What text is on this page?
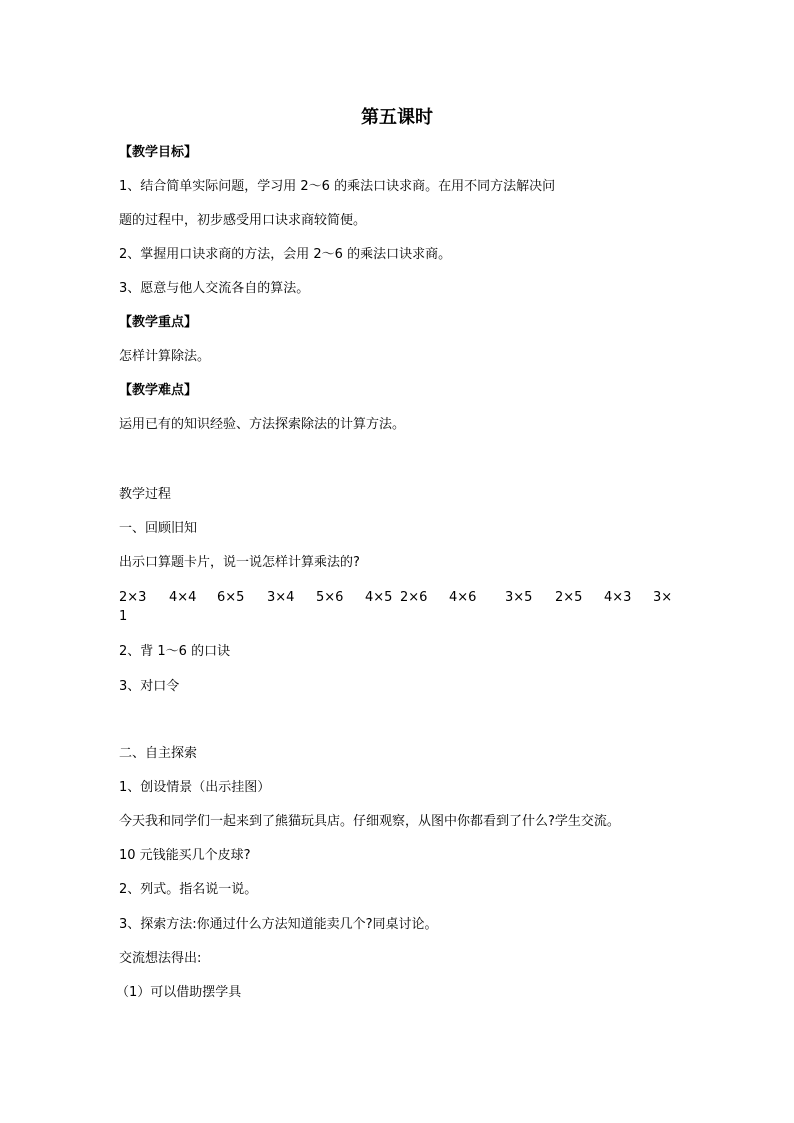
第五课时
【教学目标】
1、结合简单实际问题，学习用 2～6 的乘法口诀求商。在用不同方法解决问
题的过程中，初步感受用口诀求商较简便。
2、掌握用口诀求商的方法，会用 2～6 的乘法口诀求商。
3、愿意与他人交流各自的算法。
【教学重点】
怎样计算除法。
【教学难点】
运用已有的知识经验、方法探索除法的计算方法。
教学过程
一、回顾旧知
出示口算题卡片，说一说怎样计算乘法的?
2×3 4×4 6×5 3×4 5×6 4×5 2×6 4×6 3×5 2×5 4×3 3×
1
2、背 1～6 的口诀
3、对口令
二、自主探索
1、创设情景（出示挂图）
今天我和同学们一起来到了熊猫玩具店。仔细观察，从图中你都看到了什么?学生交流。
10 元钱能买几个皮球?
2、列式。指名说一说。
3、探索方法:你通过什么方法知道能卖几个?同桌讨论。
交流想法得出:
（1）可以借助摆学具
